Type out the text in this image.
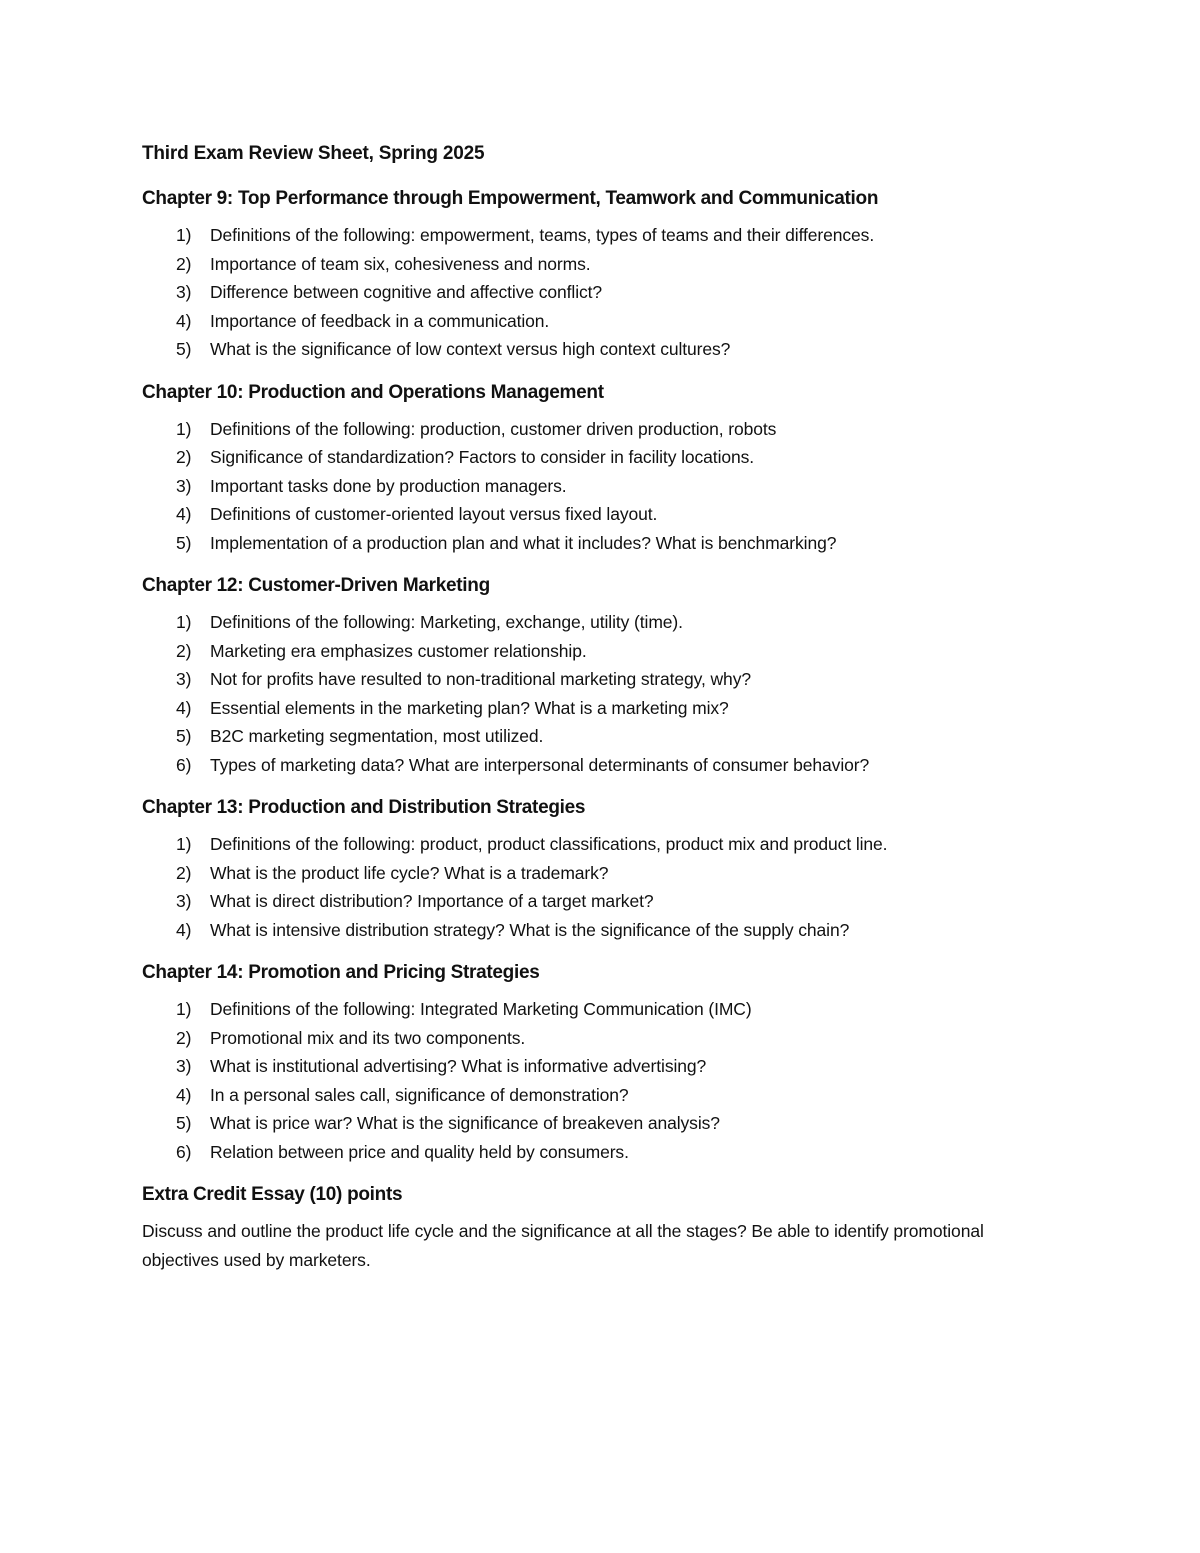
Third Exam Review Sheet, Spring 2025
Chapter 9: Top Performance through Empowerment, Teamwork and Communication
1)	Definitions of the following: empowerment, teams, types of teams and their differences.
2)	Importance of team six, cohesiveness and norms.
3)	Difference between cognitive and affective conflict?
4)	Importance of feedback in a communication.
5)	What is the significance of low context versus high context cultures?
Chapter 10: Production and Operations Management
1)	Definitions of the following: production, customer driven production, robots
2)	Significance of standardization? Factors to consider in facility locations.
3)	Important tasks done by production managers.
4)	Definitions of customer-oriented layout versus fixed layout.
5)	Implementation of a production plan and what it includes? What is benchmarking?
Chapter 12: Customer-Driven Marketing
1)	Definitions of the following: Marketing, exchange, utility (time).
2)	Marketing era emphasizes customer relationship.
3)	Not for profits have resulted to non-traditional marketing strategy, why?
4)	Essential elements in the marketing plan? What is a marketing mix?
5)	B2C marketing segmentation, most utilized.
6)	Types of marketing data? What are interpersonal determinants of consumer behavior?
Chapter 13: Production and Distribution Strategies
1)	Definitions of the following: product, product classifications, product mix and product line.
2)	What is the product life cycle? What is a trademark?
3)	What is direct distribution? Importance of a target market?
4)	What is intensive distribution strategy? What is the significance of the supply chain?
Chapter 14: Promotion and Pricing Strategies
1)	Definitions of the following: Integrated Marketing Communication (IMC)
2)	Promotional mix and its two components.
3)	What is institutional advertising? What is informative advertising?
4)	In a personal sales call, significance of demonstration?
5)	What is price war? What is the significance of breakeven analysis?
6)	Relation between price and quality held by consumers.
Extra Credit Essay (10) points

Discuss and outline the product life cycle and the significance at all the stages? Be able to identify promotional objectives used by marketers.
